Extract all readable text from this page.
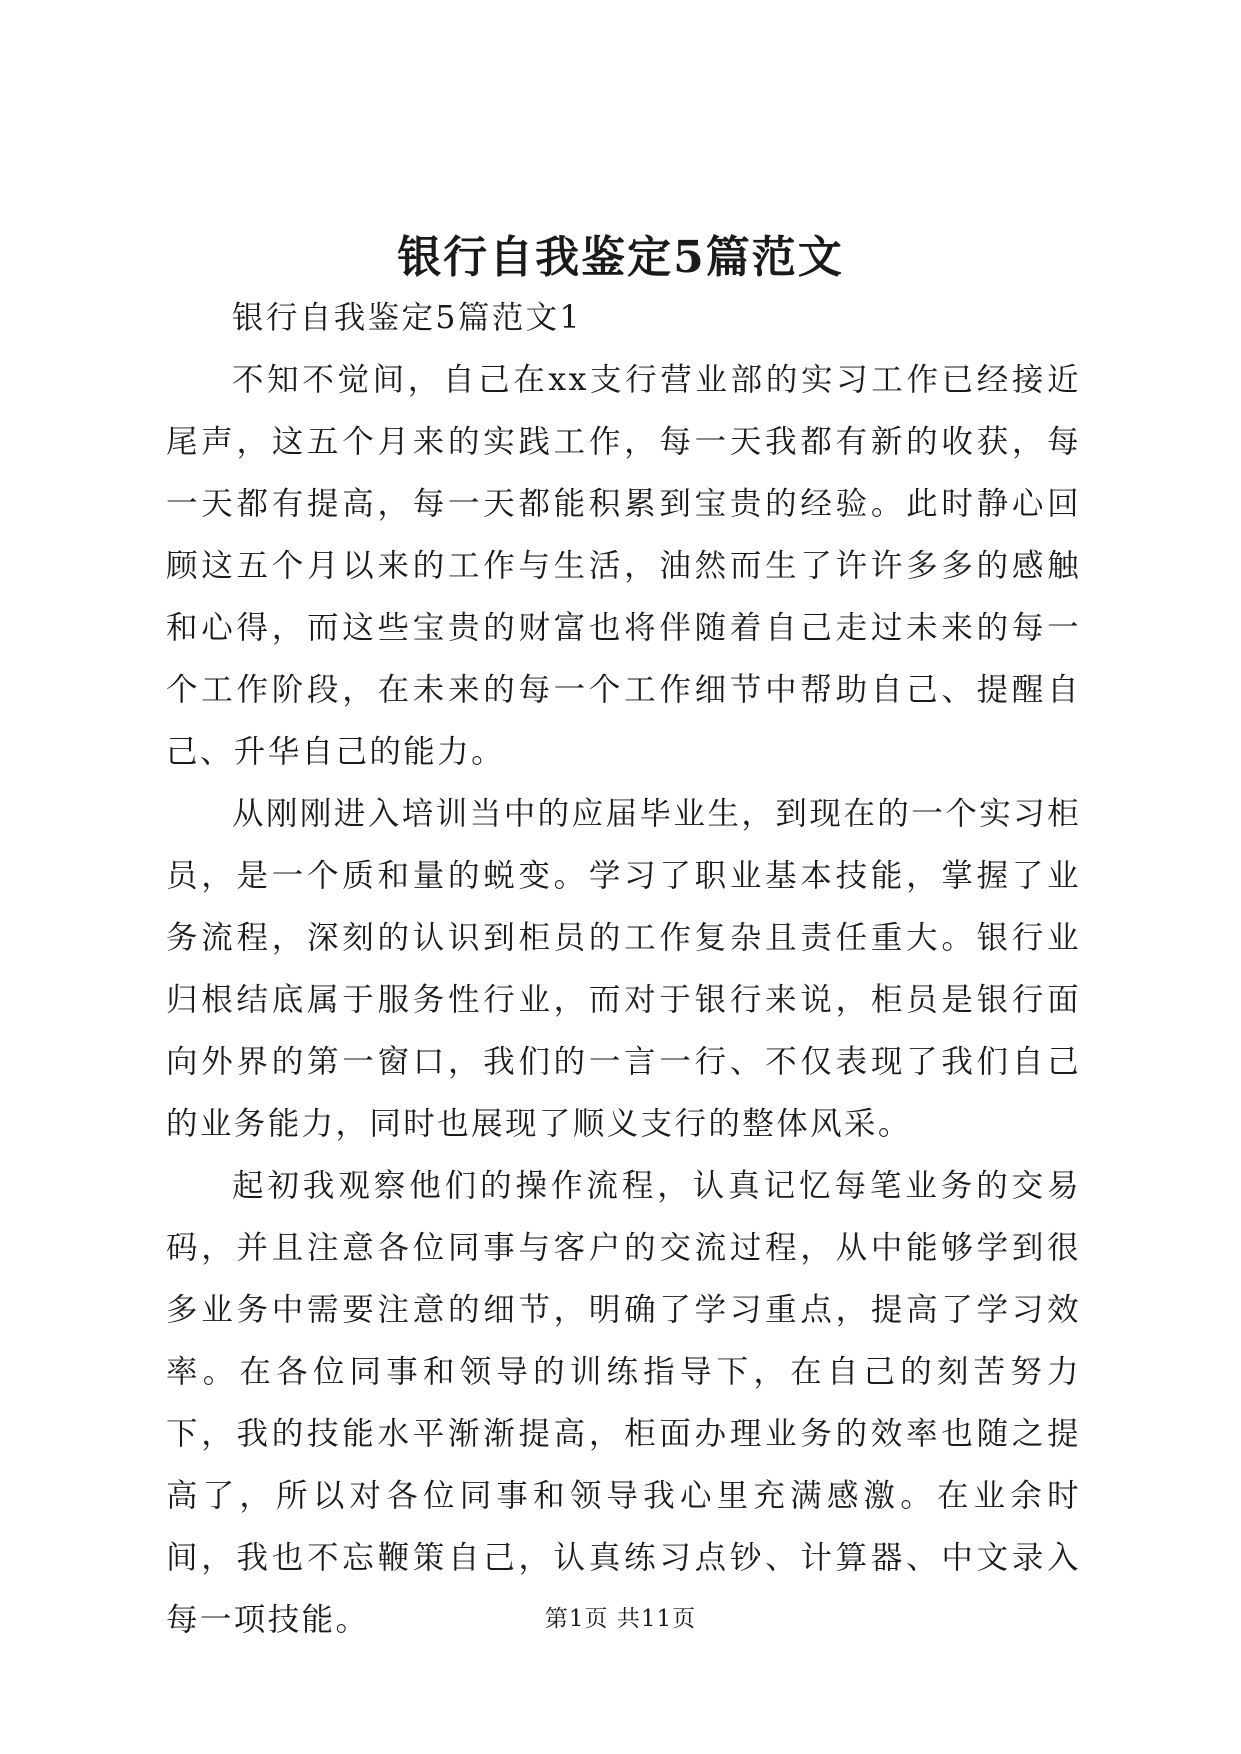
银行自我鉴定5篇范文
银行自我鉴定5篇范文1

不知不觉间，自己在xx支行营业部的实习工作已经接近尾声，这五个月来的实践工作，每一天我都有新的收获，每一天都有提高，每一天都能积累到宝贵的经验。此时静心回顾这五个月以来的工作与生活，油然而生了许许多多的感触和心得，而这些宝贵的财富也将伴随着自己走过未来的每一个工作阶段，在未来的每一个工作细节中帮助自己、提醒自己、升华自己的能力。

从刚刚进入培训当中的应届毕业生，到现在的一个实习柜员，是一个质和量的蜕变。学习了职业基本技能，掌握了业务流程，深刻的认识到柜员的工作复杂且责任重大。银行业归根结底属于服务性行业，而对于银行来说，柜员是银行面向外界的第一窗口，我们的一言一行、不仅表现了我们自己的业务能力，同时也展现了顺义支行的整体风采。

起初我观察他们的操作流程，认真记忆每笔业务的交易码，并且注意各位同事与客户的交流过程，从中能够学到很多业务中需要注意的细节，明确了学习重点，提高了学习效率。在各位同事和领导的训练指导下，在自己的刻苦努力下，我的技能水平渐渐提高，柜面办理业务的效率也随之提高了，所以对各位同事和领导我心里充满感激。在业余时间，我也不忘鞭策自己，认真练习点钞、计算器、中文录入每一项技能。	第1页 共11页
